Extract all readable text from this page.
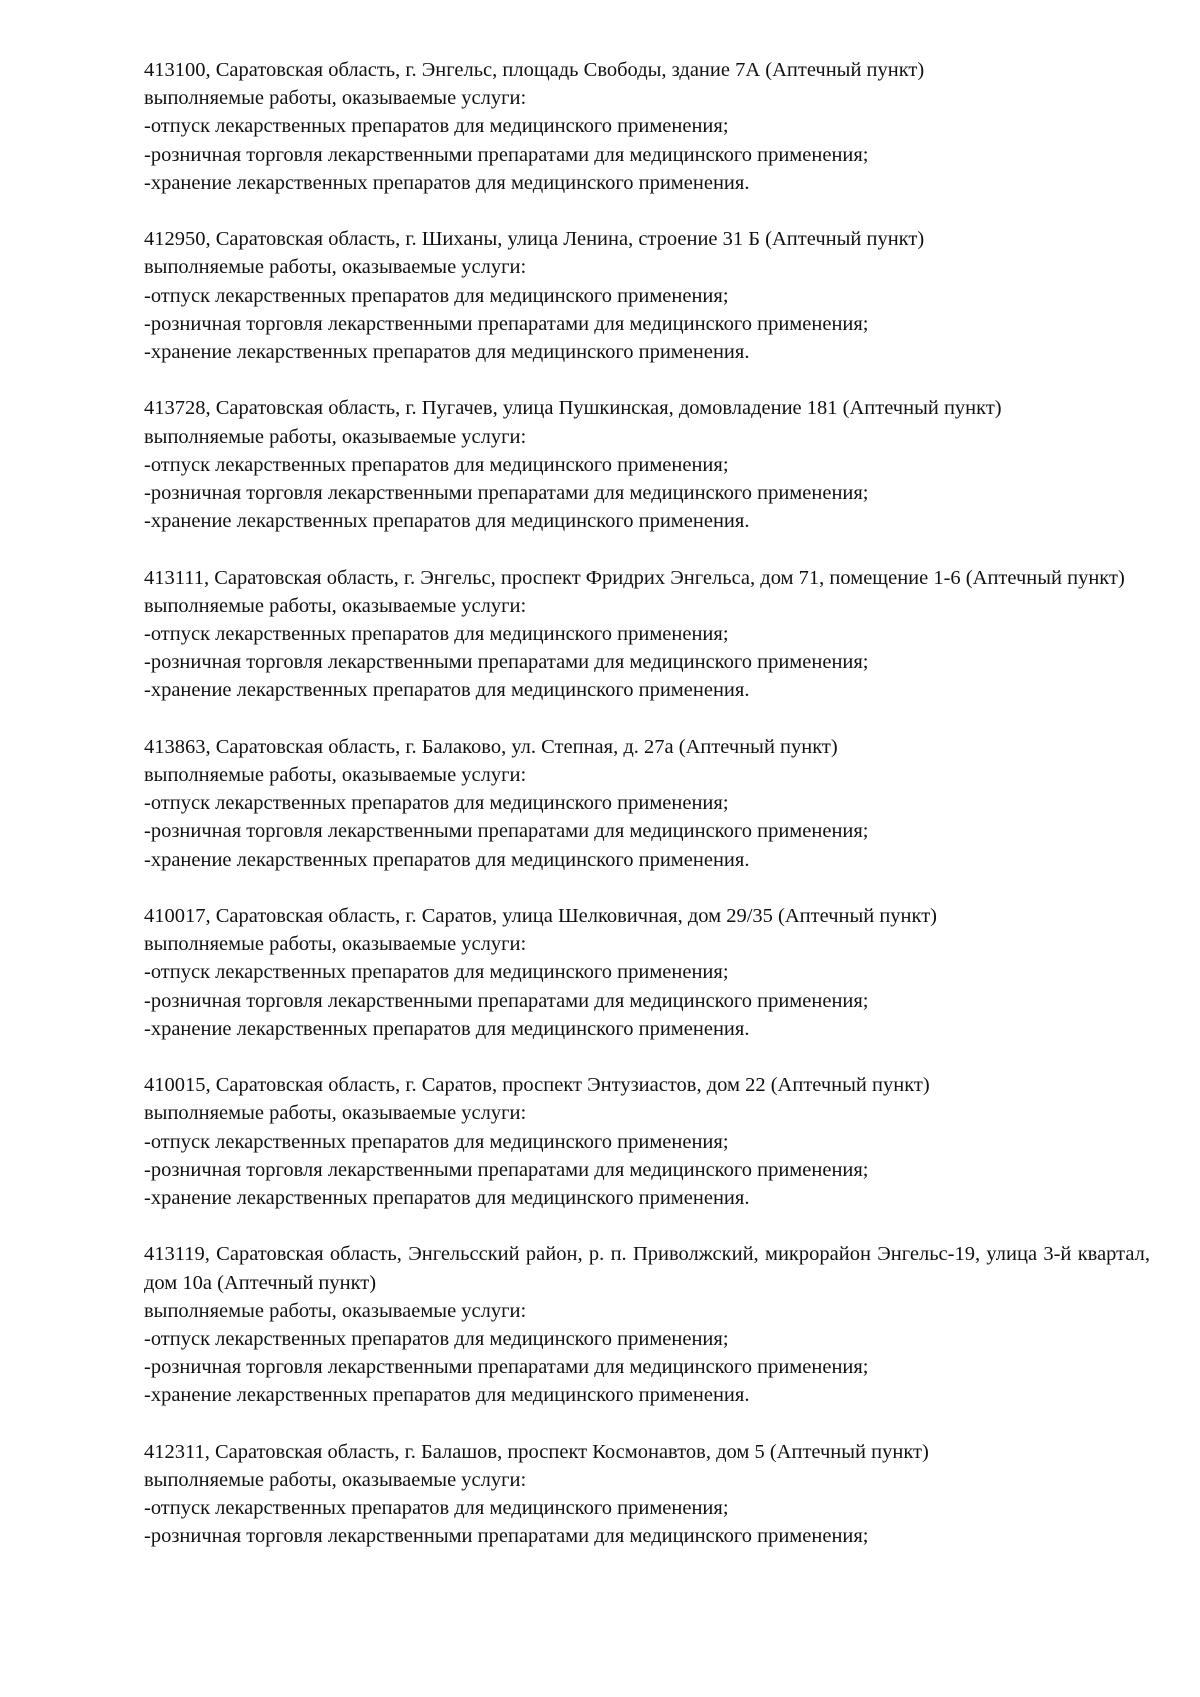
413100, Саратовская область, г. Энгельс, площадь Свободы, здание 7А (Аптечный пункт)
выполняемые работы, оказываемые услуги:
-отпуск лекарственных препаратов для медицинского применения;
-розничная торговля лекарственными препаратами для медицинского применения;
-хранение лекарственных препаратов для медицинского применения.
412950, Саратовская область, г. Шиханы, улица Ленина, строение 31 Б (Аптечный пункт)
выполняемые работы, оказываемые услуги:
-отпуск лекарственных препаратов для медицинского применения;
-розничная торговля лекарственными препаратами для медицинского применения;
-хранение лекарственных препаратов для медицинского применения.
413728, Саратовская область, г. Пугачев, улица Пушкинская, домовладение 181 (Аптечный пункт)
выполняемые работы, оказываемые услуги:
-отпуск лекарственных препаратов для медицинского применения;
-розничная торговля лекарственными препаратами для медицинского применения;
-хранение лекарственных препаратов для медицинского применения.
413111, Саратовская область, г. Энгельс, проспект Фридрих Энгельса, дом 71, помещение 1-6 (Аптечный пункт)
выполняемые работы, оказываемые услуги:
-отпуск лекарственных препаратов для медицинского применения;
-розничная торговля лекарственными препаратами для медицинского применения;
-хранение лекарственных препаратов для медицинского применения.
413863, Саратовская область, г. Балаково, ул. Степная, д. 27а (Аптечный пункт)
выполняемые работы, оказываемые услуги:
-отпуск лекарственных препаратов для медицинского применения;
-розничная торговля лекарственными препаратами для медицинского применения;
-хранение лекарственных препаратов для медицинского применения.
410017, Саратовская область, г. Саратов, улица Шелковичная, дом 29/35 (Аптечный пункт)
выполняемые работы, оказываемые услуги:
-отпуск лекарственных препаратов для медицинского применения;
-розничная торговля лекарственными препаратами для медицинского применения;
-хранение лекарственных препаратов для медицинского применения.
410015, Саратовская область, г. Саратов, проспект Энтузиастов, дом 22 (Аптечный пункт)
выполняемые работы, оказываемые услуги:
-отпуск лекарственных препаратов для медицинского применения;
-розничная торговля лекарственными препаратами для медицинского применения;
-хранение лекарственных препаратов для медицинского применения.
413119, Саратовская область, Энгельсский район, р. п. Приволжский, микрорайон Энгельс-19, улица 3-й квартал, дом 10а (Аптечный пункт)
выполняемые работы, оказываемые услуги:
-отпуск лекарственных препаратов для медицинского применения;
-розничная торговля лекарственными препаратами для медицинского применения;
-хранение лекарственных препаратов для медицинского применения.
412311, Саратовская область, г. Балашов, проспект Космонавтов, дом 5 (Аптечный пункт)
выполняемые работы, оказываемые услуги:
-отпуск лекарственных препаратов для медицинского применения;
-розничная торговля лекарственными препаратами для медицинского применения;
